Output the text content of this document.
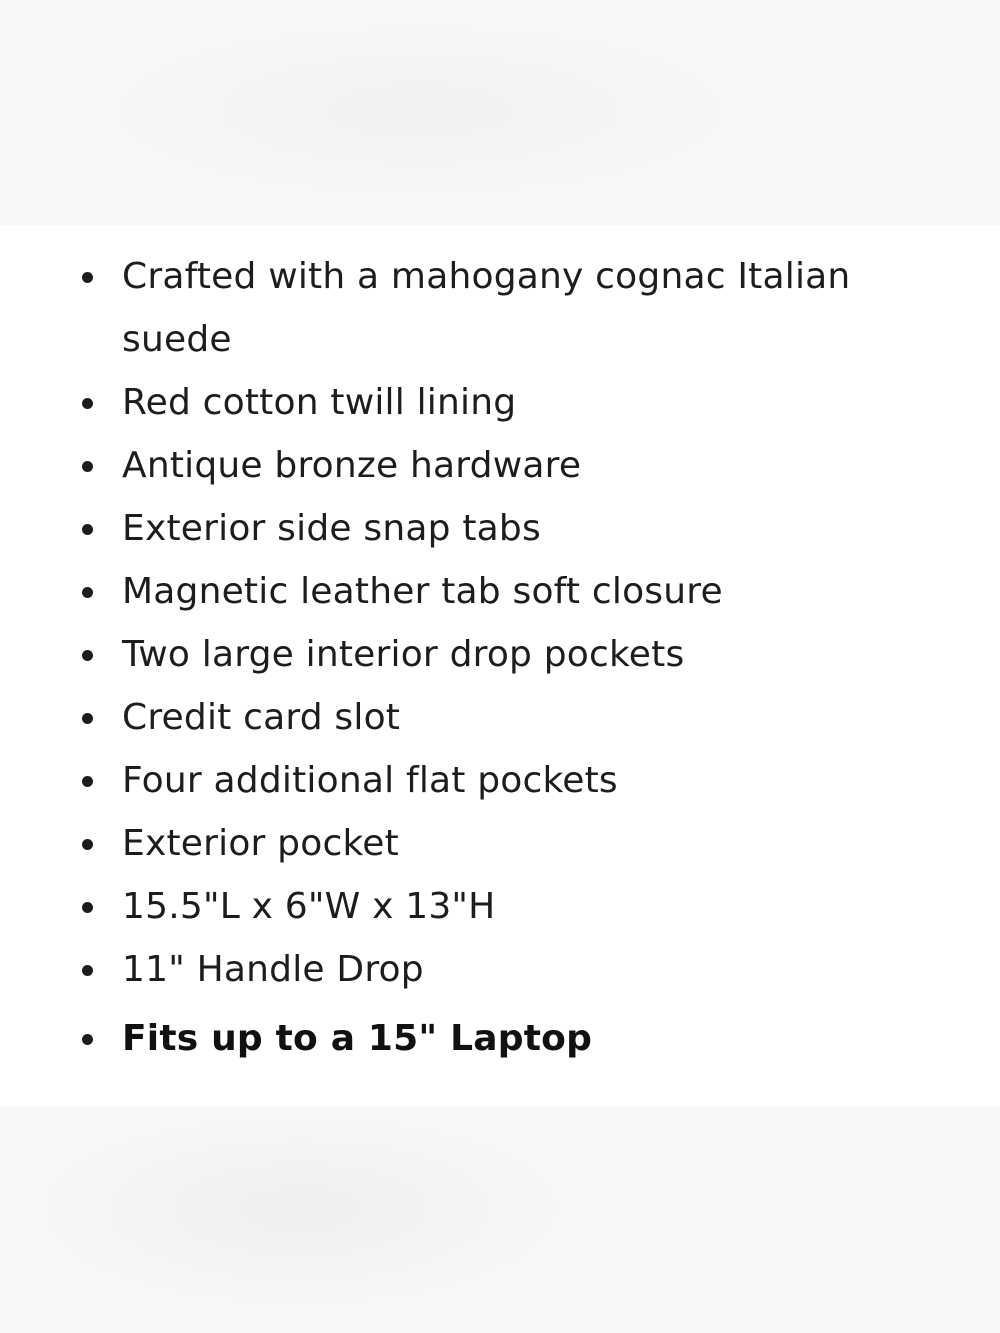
Crafted with a mahogany cognac Italian suede
Red cotton twill lining
Antique bronze hardware
Exterior side snap tabs
Magnetic leather tab soft closure
Two large interior drop pockets
Credit card slot
Four additional flat pockets
Exterior pocket
15.5"L x 6"W x 13"H
11" Handle Drop
Fits up to a 15" Laptop
